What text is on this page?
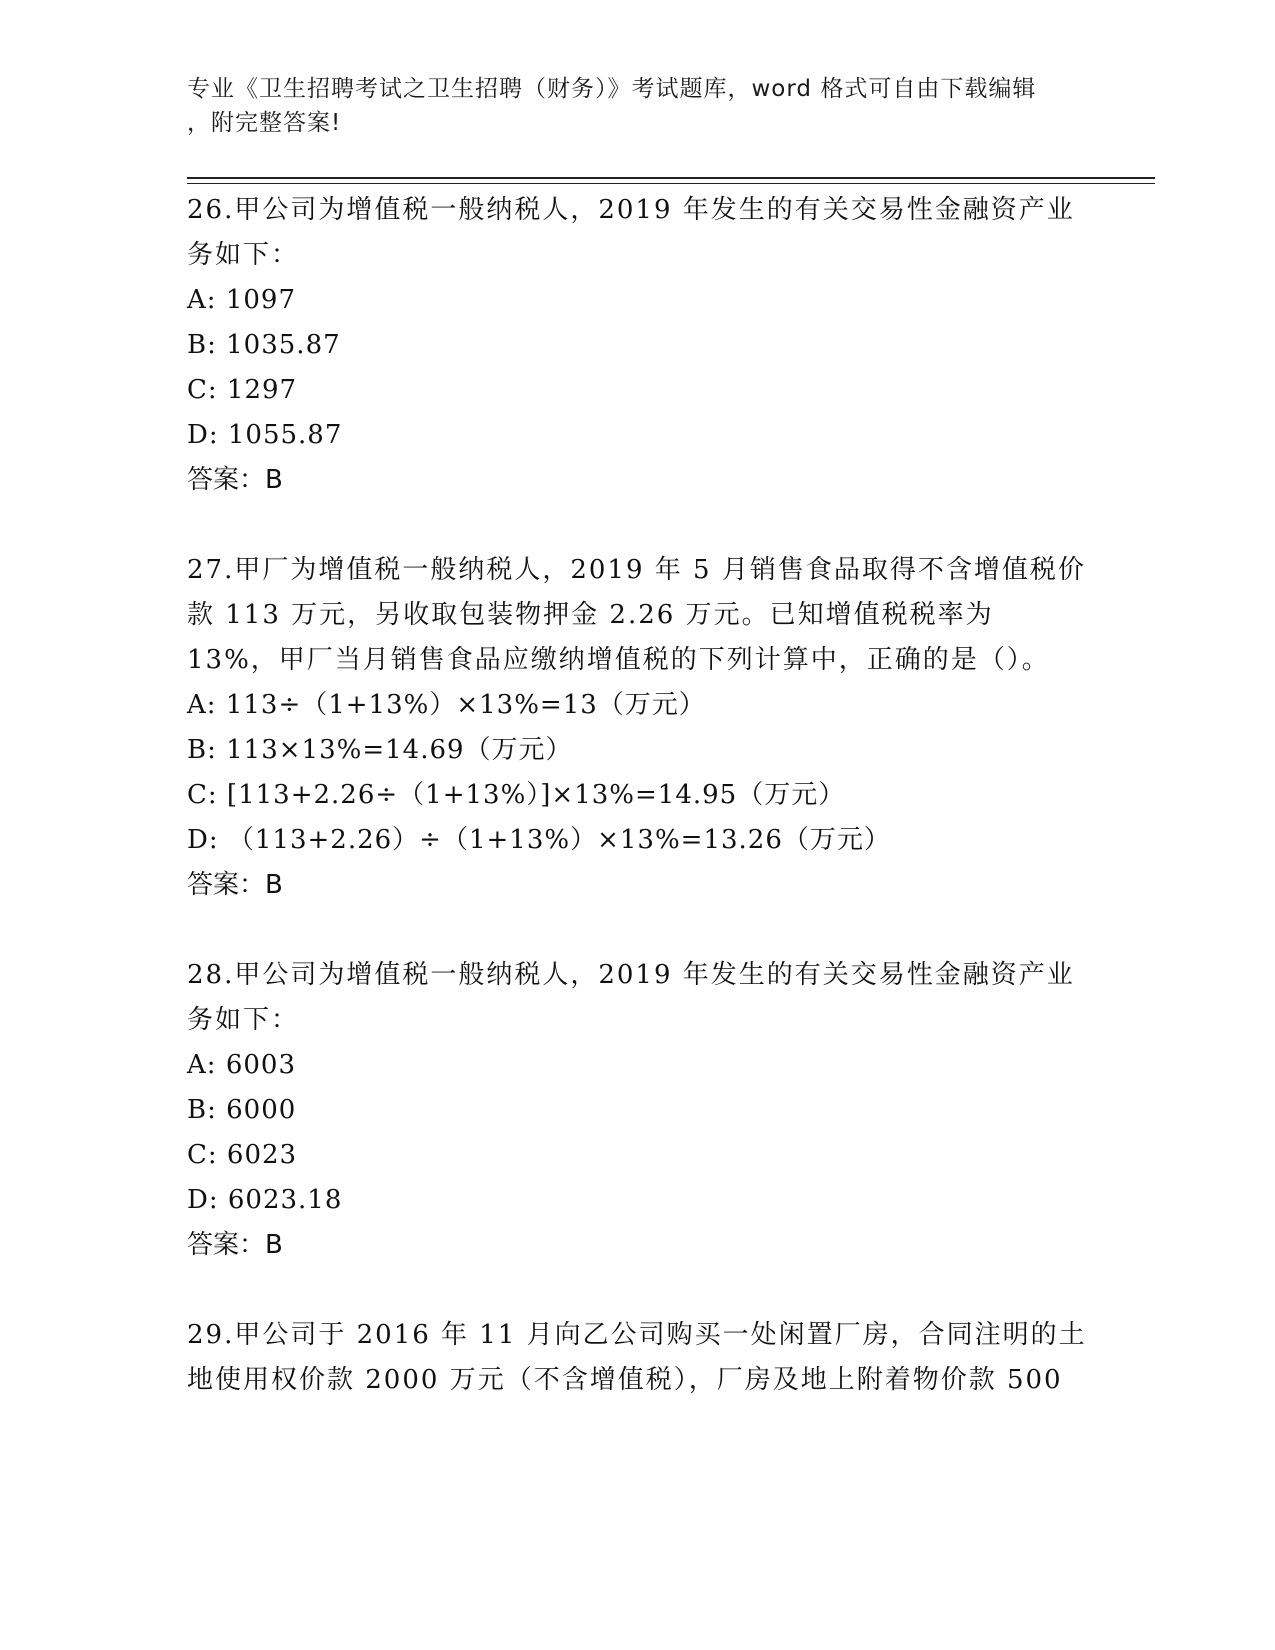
专业《卫生招聘考试之卫生招聘（财务）》考试题库，word 格式可自由下载编辑
，附完整答案!

26.甲公司为增值税一般纳税人，2019 年发生的有关交易性金融资产业务如下：

A: 1097

B: 1035.87

C: 1297

D: 1055.87

答案：B

27.甲厂为增值税一般纳税人，2019 年 5 月销售食品取得不含增值税价款 113 万元，另收取包装物押金 2.26 万元。已知增值税税率为 13%，甲厂当月销售食品应缴纳增值税的下列计算中，正确的是（）。

A: 113÷（1+13%）×13%=13（万元）

B: 113×13%=14.69（万元）

C: [113+2.26÷（1+13%）]×13%=14.95（万元）

D: （113+2.26）÷（1+13%）×13%=13.26（万元）

答案：B

28.甲公司为增值税一般纳税人，2019 年发生的有关交易性金融资产业务如下：

A: 6003

B: 6000

C: 6023

D: 6023.18

答案：B

29.甲公司于 2016 年 11 月向乙公司购买一处闲置厂房，合同注明的土地使用权价款 2000 万元（不含增值税），厂房及地上附着物价款 500
